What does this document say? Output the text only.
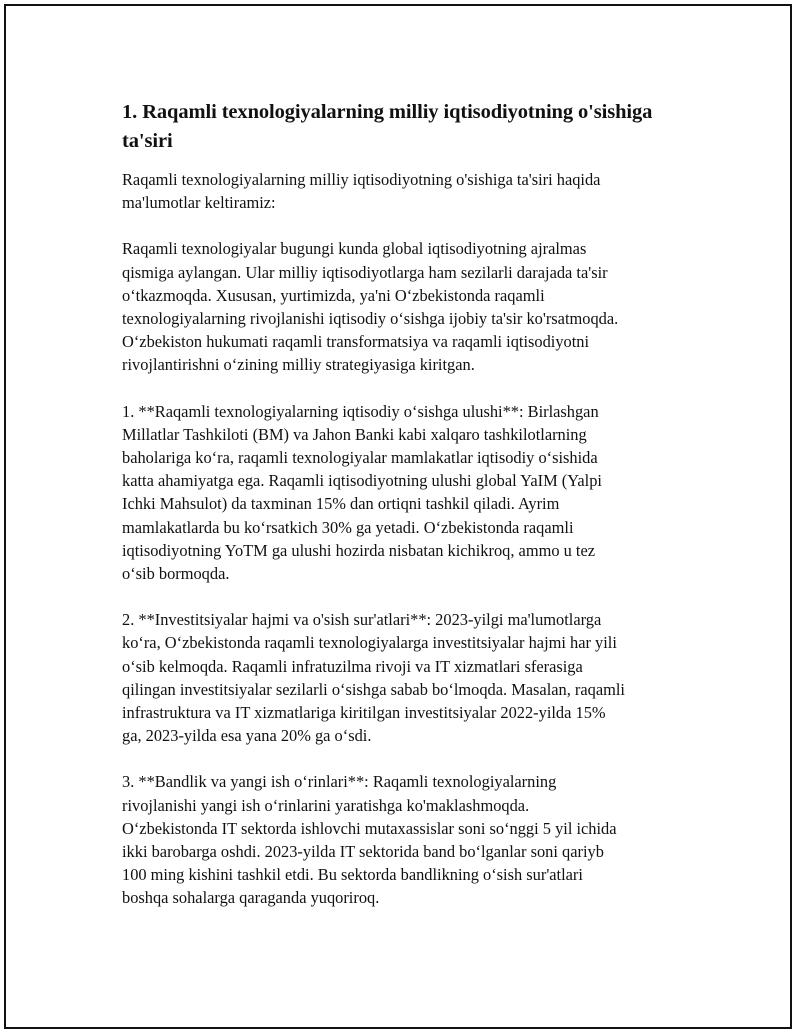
1. Raqamli texnologiyalarning milliy iqtisodiyotning o'sishiga ta'siri

Raqamli texnologiyalarning milliy iqtisodiyotning o'sishiga ta'siri haqida
ma'lumotlar keltiramiz:

Raqamli texnologiyalar bugungi kunda global iqtisodiyotning ajralmas
qismiga aylangan. Ular milliy iqtisodiyotlarga ham sezilarli darajada ta'sir
o‘tkazmoqda. Xususan, yurtimizda, ya'ni O‘zbekistonda raqamli
texnologiyalarning rivojlanishi iqtisodiy o‘sishga ijobiy ta'sir ko'rsatmoqda.
O‘zbekiston hukumati raqamli transformatsiya va raqamli iqtisodiyotni
rivojlantirishni o‘zining milliy strategiyasiga kiritgan.

1. **Raqamli texnologiyalarning iqtisodiy o‘sishga ulushi**: Birlashgan
Millatlar Tashkiloti (BM) va Jahon Banki kabi xalqaro tashkilotlarning
baholariga ko‘ra, raqamli texnologiyalar mamlakatlar iqtisodiy o‘sishida
katta ahamiyatga ega. Raqamli iqtisodiyotning ulushi global YaIM (Yalpi
Ichki Mahsulot) da taxminan 15% dan ortiqni tashkil qiladi. Ayrim
mamlakatlarda bu ko‘rsatkich 30% ga yetadi. O‘zbekistonda raqamli
iqtisodiyotning YoTM ga ulushi hozirda nisbatan kichikroq, ammo u tez
o‘sib bormoqda.

2. **Investitsiyalar hajmi va o'sish sur'atlari**: 2023-yilgi ma'lumotlarga
ko‘ra, O‘zbekistonda raqamli texnologiyalarga investitsiyalar hajmi har yili
o‘sib kelmoqda. Raqamli infratuzilma rivoji va IT xizmatlari sferasiga
qilingan investitsiyalar sezilarli o‘sishga sabab bo‘lmoqda. Masalan, raqamli
infrastruktura va IT xizmatlariga kiritilgan investitsiyalar 2022-yilda 15%
ga, 2023-yilda esa yana 20% ga o‘sdi.

3. **Bandlik va yangi ish o‘rinlari**: Raqamli texnologiyalarning
rivojlanishi yangi ish o‘rinlarini yaratishga ko'maklashmoqda.
O‘zbekistonda IT sektorda ishlovchi mutaxassislar soni so‘nggi 5 yil ichida
ikki barobarga oshdi. 2023-yilda IT sektorida band bo‘lganlar soni qariyb
100 ming kishini tashkil etdi. Bu sektorda bandlikning o‘sish sur'atlari
boshqa sohalarga qaraganda yuqoriroq.
